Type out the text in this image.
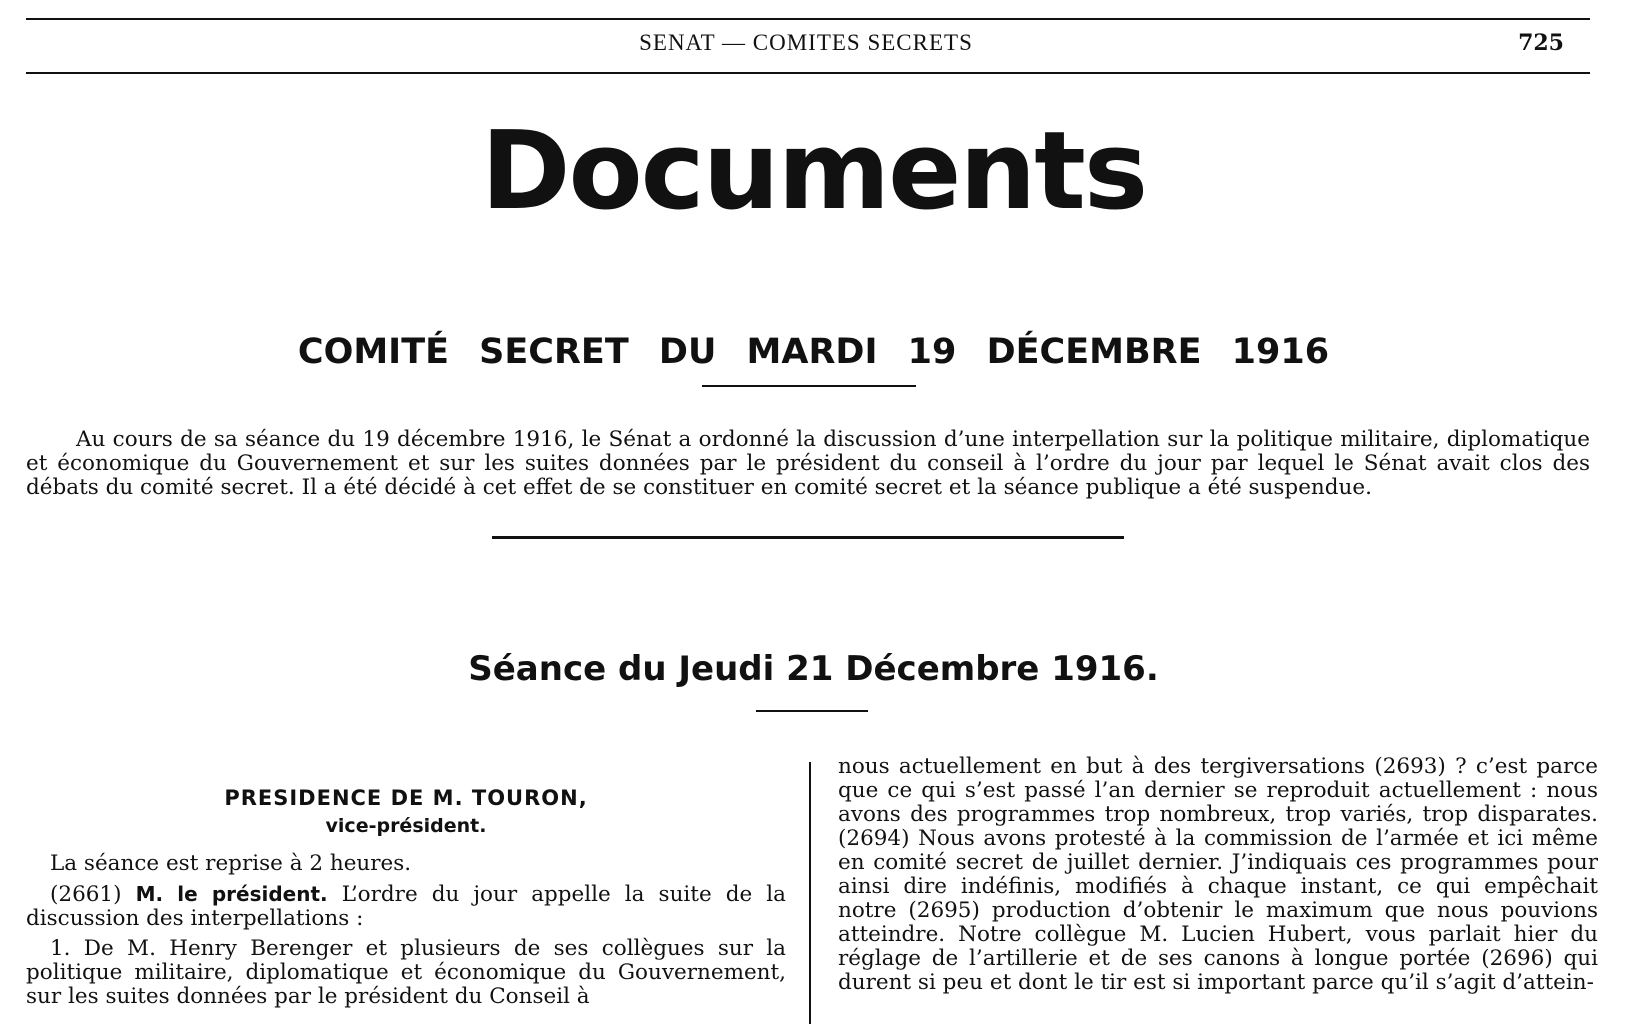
SENAT — COMITES SECRETS	725
Documents
COMITÉ SECRET DU MARDI 19 DÉCEMBRE 1916

Au cours de sa séance du 19 décembre 1916, le Sénat a ordonné la discussion d’une interpellation sur la politique militaire, diplomatique et économique du Gouvernement et sur les suites données par le président du conseil à l’ordre du jour par lequel le Sénat avait clos des débats du comité secret. Il a été décidé à cet effet de se constituer en comité secret et la séance publique a été suspendue.

Séance du Jeudi 21 Décembre 1916.
PRESIDENCE DE M. TOURON,
vice-président.

La séance est reprise à 2 heures.

(2661) M. le président. L’ordre du jour appelle la suite de la discussion des interpellations :

1. De M. Henry Berenger et plusieurs de ses collègues sur la politique militaire, diplomatique et économique du Gouvernement, sur les suites données par le président du Conseil à

nous actuellement en but à des tergiversations (2693) ? c’est parce que ce qui s’est passé l’an dernier se reproduit actuellement : nous avons des programmes trop nombreux, trop variés, trop disparates. (2694) Nous avons protesté à la commission de l’armée et ici même en comité secret de juillet dernier. J’indiquais ces programmes pour ainsi dire indéfinis, modifiés à chaque instant, ce qui empêchait notre (2695) production d’obtenir le maximum que nous pouvions atteindre. Notre collègue M. Lucien Hubert, vous parlait hier du réglage de l’artillerie et de ses canons à longue portée (2696) qui durent si peu et dont le tir est si important parce qu’il s’agit d’attein-
